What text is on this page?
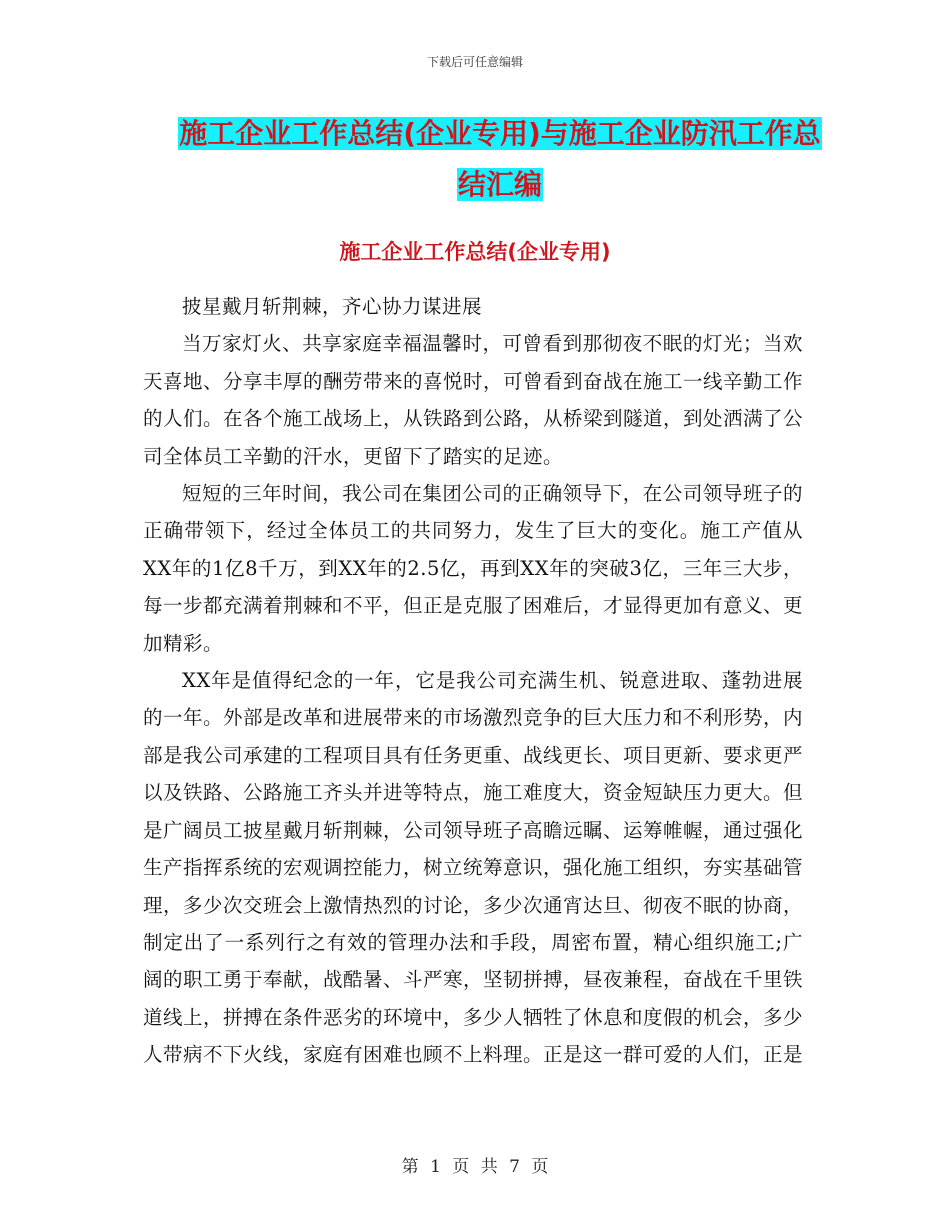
下载后可任意编辑
施工企业工作总结(企业专用)与施工企业防汛工作总
结汇编
施工企业工作总结(企业专用)

披星戴月斩荆棘，齐心协力谋进展

当万家灯火、共享家庭幸福温馨时，可曾看到那彻夜不眠的灯光；当欢天喜地、分享丰厚的酬劳带来的喜悦时，可曾看到奋战在施工一线辛勤工作的人们。在各个施工战场上，从铁路到公路，从桥梁到隧道，到处洒满了公司全体员工辛勤的汗水，更留下了踏实的足迹。

短短的三年时间，我公司在集团公司的正确领导下，在公司领导班子的正确带领下，经过全体员工的共同努力，发生了巨大的变化。施工产值从XX年的1亿8千万，到XX年的2.5亿，再到XX年的突破3亿，三年三大步，每一步都充满着荆棘和不平，但正是克服了困难后，才显得更加有意义、更加精彩。

XX年是值得纪念的一年，它是我公司充满生机、锐意进取、蓬勃进展的一年。外部是改革和进展带来的市场激烈竞争的巨大压力和不利形势，内部是我公司承建的工程项目具有任务更重、战线更长、项目更新、要求更严以及铁路、公路施工齐头并进等特点，施工难度大，资金短缺压力更大。但是广阔员工披星戴月斩荆棘，公司领导班子高瞻远瞩、运筹帷幄，通过强化生产指挥系统的宏观调控能力，树立统筹意识，强化施工组织，夯实基础管理，多少次交班会上激情热烈的讨论，多少次通宵达旦、彻夜不眠的协商，制定出了一系列行之有效的管理办法和手段，周密布置，精心组织施工;广阔的职工勇于奉献，战酷暑、斗严寒，坚韧拼搏，昼夜兼程，奋战在千里铁道线上，拼搏在条件恶劣的环境中，多少人牺牲了休息和度假的机会，多少人带病不下火线，家庭有困难也顾不上料理。正是这一群可爱的人们，正是

第 1 页 共 7 页
